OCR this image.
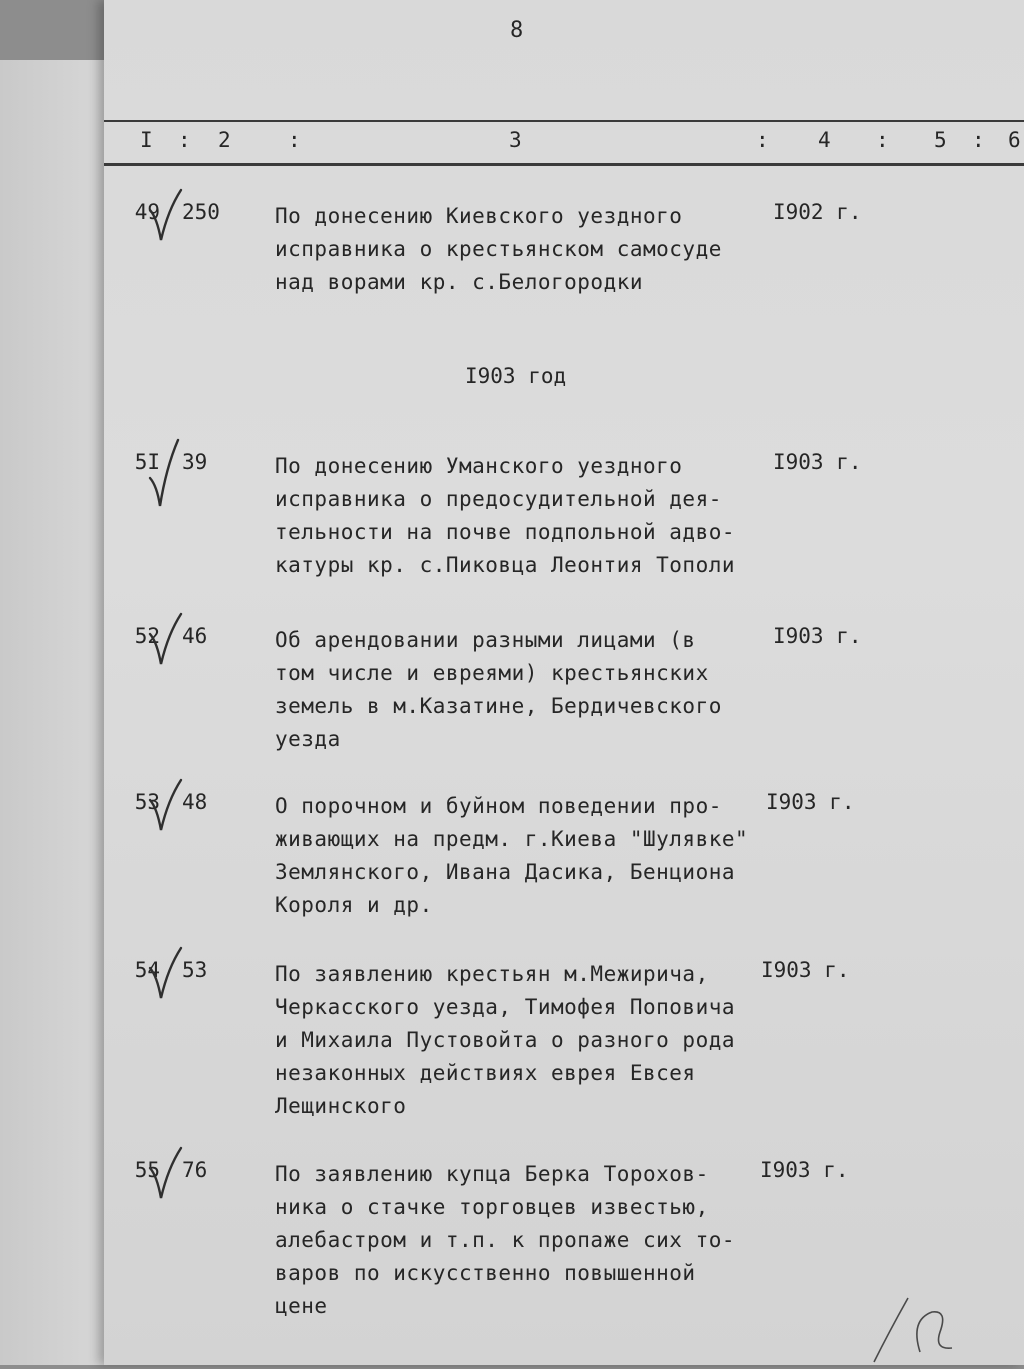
8
I : 2	:	3	: 4 : 5 : 6
49 250	По донесению Киевского уездного
исправника о крестьянском самосуде
над ворами кр. с.Белогородки
I902 г.
I903 год
5I 39	По донесению Уманского уездного
исправника о предосудительной дея-
тельности на почве подпольной адво-
катуры кр. с.Пиковца Леонтия Тополи
I903 г.
52 46	Об арендовании разными лицами (в
том числе и евреями) крестьянских
земель в м.Казатине, Бердичевского
уезда
I903 г.
53 48	О порочном и буйном поведении про-
живающих на предм. г.Киева "Шулявке"
Землянского, Ивана Дасика, Бенциона
Короля и др.
I903 г.
54 53	По заявлению крестьян м.Межирича,
Черкасского уезда, Тимофея Поповича
и Михаила Пустовойта о разного рода
незаконных действиях еврея Евсея
Лещинского
I903 г.
55 76	По заявлению купца Берка Торохов-
ника о стачке торговцев известью,
алебастром и т.п. к пропаже сих то-
варов по искусственно повышенной
цене
I903 г.
